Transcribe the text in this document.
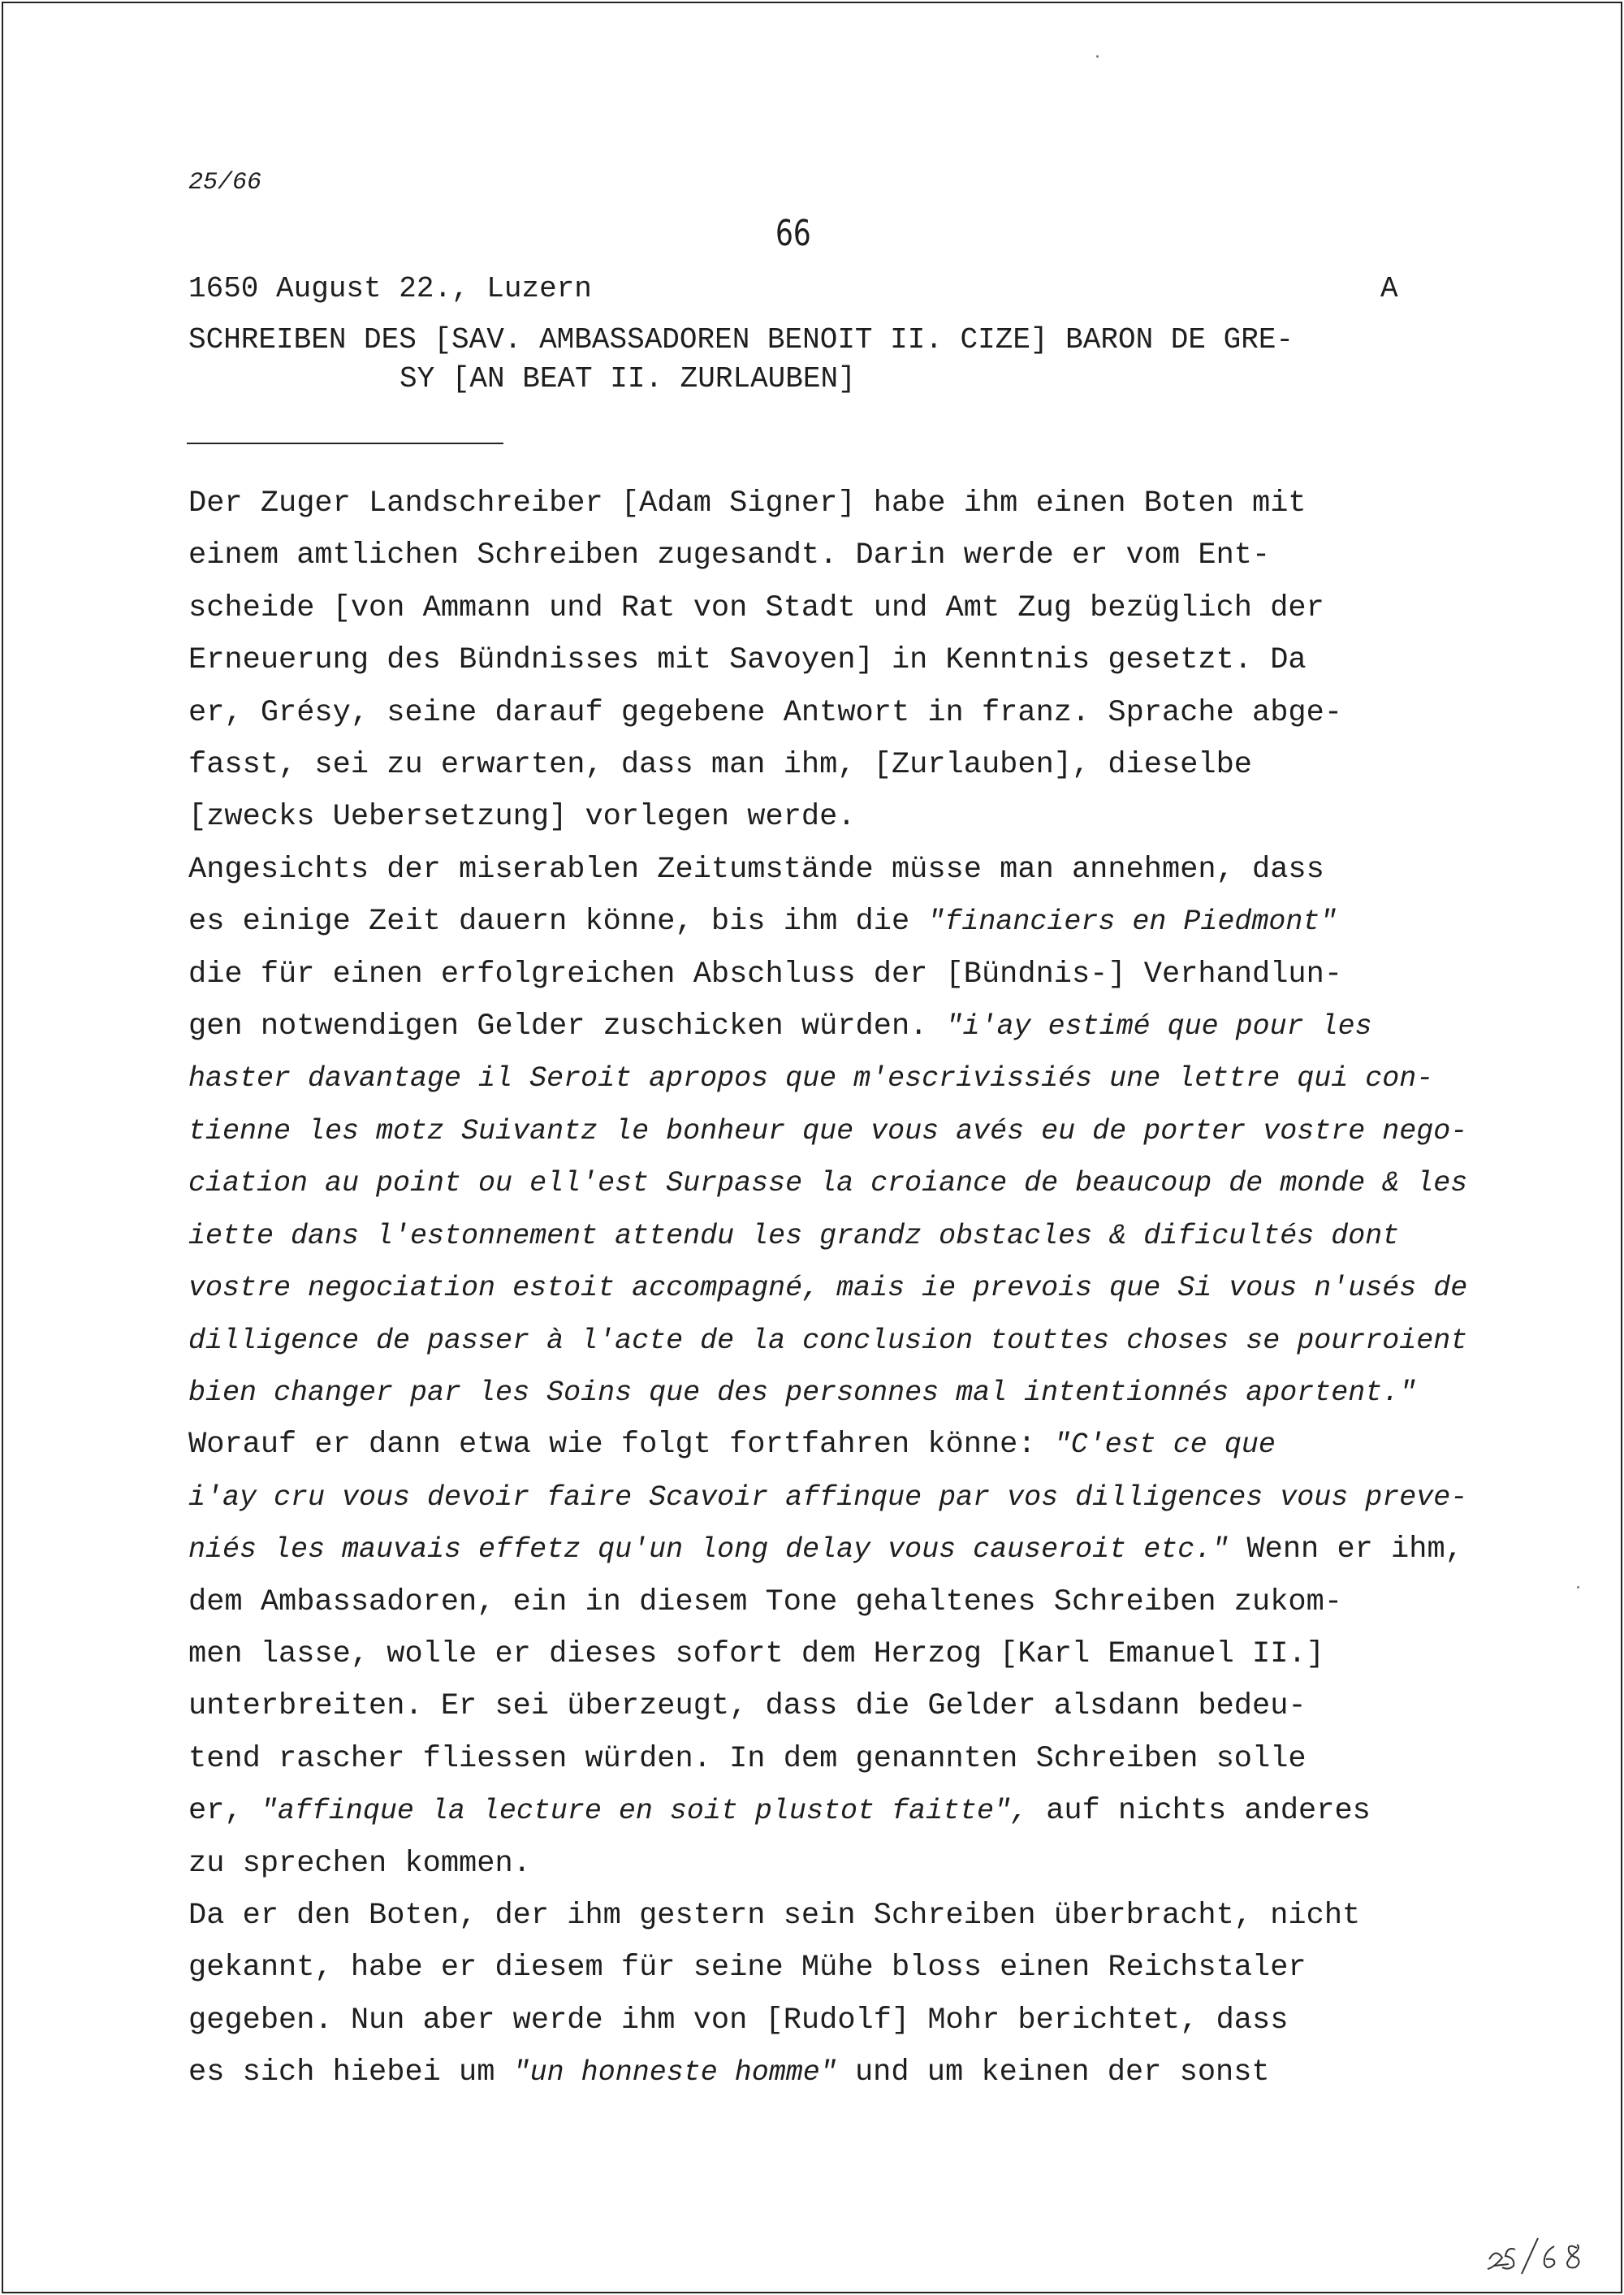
25/66
66
1650 August 22., Luzern	A
SCHREIBEN DES [SAV. AMBASSADOREN BENOIT II. CIZE] BARON DE GRE-
SY [AN BEAT II. ZURLAUBEN]
Der Zuger Landschreiber [Adam Signer] habe ihm einen Boten mit
einem amtlichen Schreiben zugesandt. Darin werde er vom Ent-
scheide [von Ammann und Rat von Stadt und Amt Zug bezüglich der
Erneuerung des Bündnisses mit Savoyen] in Kenntnis gesetzt. Da
er, Grésy, seine darauf gegebene Antwort in franz. Sprache abge-
fasst, sei zu erwarten, dass man ihm, [Zurlauben], dieselbe
[zwecks Uebersetzung] vorlegen werde.
Angesichts der miserablen Zeitumstände müsse man annehmen, dass
es einige Zeit dauern könne, bis ihm die "financiers en Piedmont"
die für einen erfolgreichen Abschluss der [Bündnis-] Verhandlun-
gen notwendigen Gelder zuschicken würden. "i'ay estimé que pour les
haster davantage il Seroit apropos que m'escrivissiés une lettre qui con-
tienne les motz Suivantz le bonheur que vous avés eu de porter vostre nego-
ciation au point ou ell'est Surpasse la croiance de beaucoup de monde & les
iette dans l'estonnement attendu les grandz obstacles & dificultés dont
vostre negociation estoit accompagné, mais ie prevois que Si vous n'usés de
dilligence de passer à l'acte de la conclusion touttes choses se pourroient
bien changer par les Soins que des personnes mal intentionnés aportent."
Worauf er dann etwa wie folgt fortfahren könne: "C'est ce que
i'ay cru vous devoir faire Scavoir affinque par vos dilligences vous preve-
niés les mauvais effetz qu'un long delay vous causeroit etc." Wenn er ihm,
dem Ambassadoren, ein in diesem Tone gehaltenes Schreiben zukom-
men lasse, wolle er dieses sofort dem Herzog [Karl Emanuel II.]
unterbreiten. Er sei überzeugt, dass die Gelder alsdann bedeu-
tend rascher fliessen würden. In dem genannten Schreiben solle
er, "affinque la lecture en soit plustot faitte", auf nichts anderes
zu sprechen kommen.
Da er den Boten, der ihm gestern sein Schreiben überbracht, nicht
gekannt, habe er diesem für seine Mühe bloss einen Reichstaler
gegeben. Nun aber werde ihm von [Rudolf] Mohr berichtet, dass
es sich hiebei um "un honneste homme" und um keinen der sonst
